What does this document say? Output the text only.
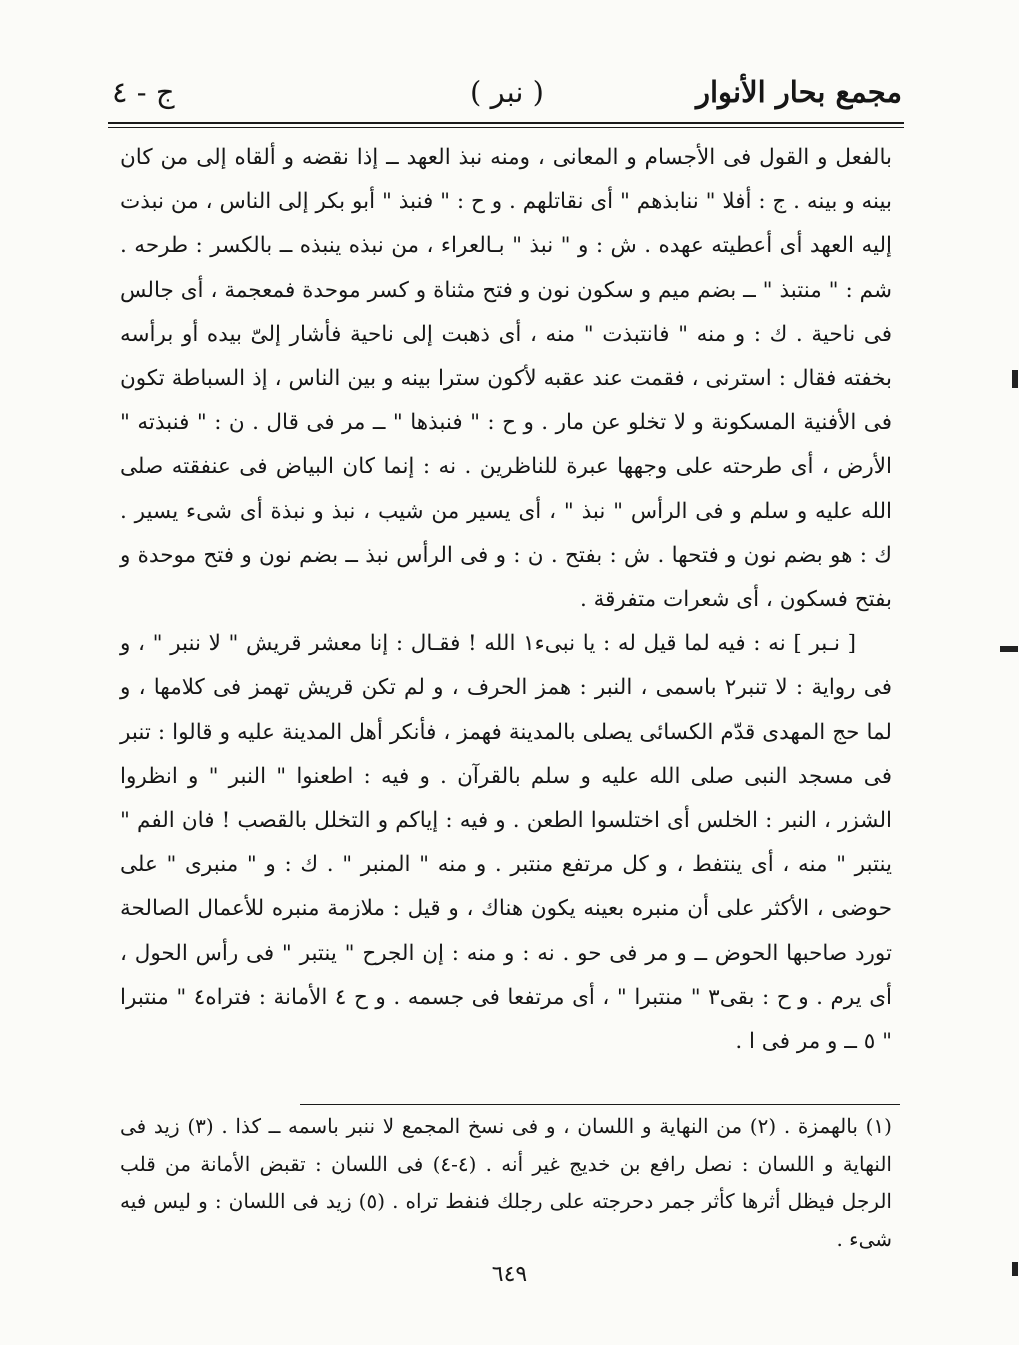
مجمع بحار الأنوار
( نبر )
ج - ٤

بالفعل و القول فى الأجسام و المعانى ، ومنه نبذ العهد ــ إذا نقضه و ألقاه إلى من كان بينه و بينه . ج : أفلا " ننابذهم " أى نقاتلهم . و ح : " فنبذ " أبو بكر إلى الناس ، من نبذت إليه العهد أى أعطيته عهده . ش : و " نبذ " بـالعراء ، من نبذه ينبذه ــ بالكسر : طرحه . شم : " منتبذ " ــ بضم ميم و سكون نون و فتح مثناة و كسر موحدة فمعجمة ، أى جالس فى ناحية . ك : و منه " فانتبذت " منه ، أى ذهبت إلى ناحية فأشار إلىّ بيده أو برأسه بخفته فقال : استرنى ، فقمت عند عقبه لأكون سترا بينه و بين الناس ، إذ السباطة تكون فى الأفنية المسكونة و لا تخلو عن مار . و ح : " فنبذها " ــ مر فى قال . ن : " فنبذته " الأرض ، أى طرحته على وجهها عبرة للناظرين . نه : إنما كان البياض فى عنفقته صلى الله عليه و سلم و فى الرأس " نبذ " ، أى يسير من شيب ، نبذ و نبذة أى شىء يسير . ك : هو بضم نون و فتحها . ش : بفتح . ن : و فى الرأس نبذ ــ بضم نون و فتح موحدة و بفتح فسكون ، أى شعرات متفرقة .

[ نـبر ] نه : فيه لما قيل له : يا نبىء١ الله ! فقـال : إنا معشر قريش " لا ننبر " ، و فى رواية : لا تنبر٢ باسمى ، النبر : همز الحرف ، و لم تكن قريش تهمز فى كلامها ، و لما حج المهدى قدّم الكسائى يصلى بالمدينة فهمز ، فأنكر أهل المدينة عليه و قالوا : تنبر فى مسجد النبى صلى الله عليه و سلم بالقرآن . و فيه : اطعنوا " النبر " و انظروا الشزر ، النبر : الخلس أى اختلسوا الطعن . و فيه : إياكم و التخلل بالقصب ! فان الفم " ينتبر " منه ، أى ينتفط ، و كل مرتفع منتبر . و منه " المنبر " . ك : و " منبرى " على حوضى ، الأكثر على أن منبره بعينه يكون هناك ، و قيل : ملازمة منبره للأعمال الصالحة تورد صاحبها الحوض ــ و مر فى حو . نه : و منه : إن الجرح " ينتبر " فى رأس الحول ، أى يرم . و ح : بقى٣ " منتبرا " ، أى مرتفعا فى جسمه . و ح ٤ الأمانة : فتراه٤ " منتبرا " ٥ ــ و مر فى ا .

(١) بالهمزة . (٢) من النهاية و اللسان ، و فى نسخ المجمع لا ننبر باسمه ــ كذا . (٣) زيد فى النهاية و اللسان : نصل رافع بن خديج غير أنه . (٤-٤) فى اللسان : تقبض الأمانة من قلب الرجل فيظل أثرها كأثر جمر دحرجته على رجلك فنفط تراه . (٥) زيد فى اللسان : و ليس فيه شىء .

٦٤٩
